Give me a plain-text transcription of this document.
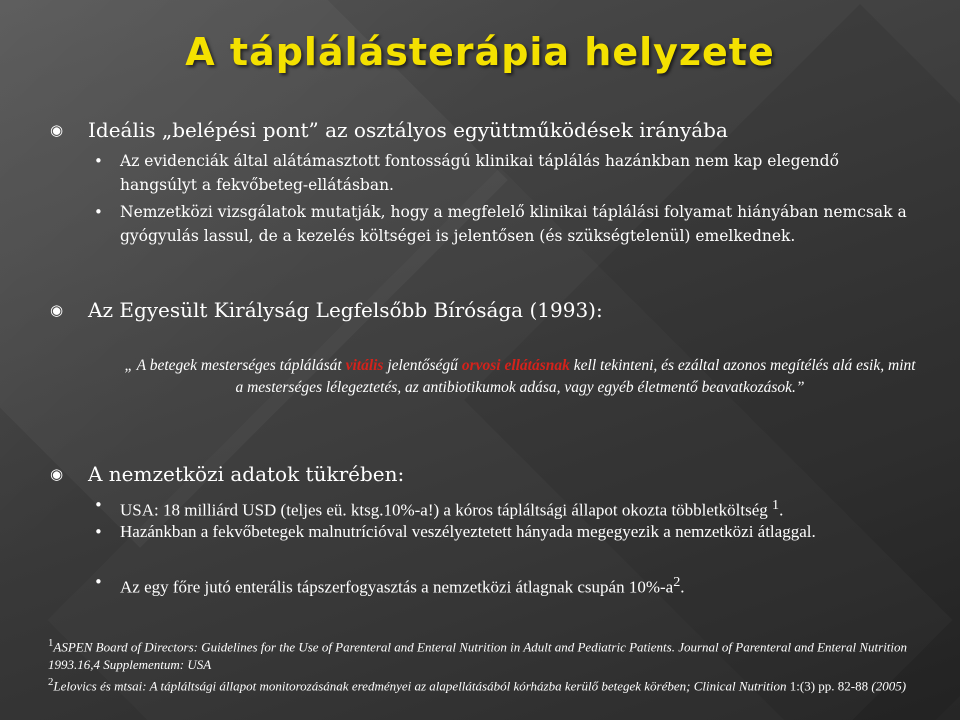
A táplálásterápia helyzete
◉ Ideális „belépési pont” az osztályos együttműködések irányába
• Az evidenciák által alátámasztott fontosságú klinikai táplálás hazánkban nem kap elegendő hangsúlyt a fekvőbeteg-ellátásban.
• Nemzetközi vizsgálatok mutatják, hogy a megfelelő klinikai táplálási folyamat hiányában nemcsak a gyógyulás lassul, de a kezelés költségei is jelentősen (és szükségtelenül) emelkednek.
◉ Az Egyesült Királyság Legfelsőbb Bírósága (1993):
„ A betegek mesterséges táplálását vitális jelentőségű orvosi ellátásnak kell tekinteni, és ezáltal azonos megítélés alá esik, mint a mesterséges lélegeztetés, az antibiotikumok adása, vagy egyéb életmentő beavatkozások.”
◉ A nemzetközi adatok tükrében:
• USA: 18 milliárd USD (teljes eü. ktsg.10%-a!) a kóros tápláltsági állapot okozta többletköltség $^1$.
• Hazánkban a fekvőbetegek malnutrícióval veszélyeztetett hányada megegyezik a nemzetközi átlaggal.
• Az egy főre jutó enterális tápszerfogyasztás a nemzetközi átlagnak csupán $10\%-a^2$.
$^1$ASPEN Board of Directors: Guidelines for the Use of Parenteral and Enteral Nutrition in Adult and Pediatric Patients. Journal of Parenteral and Enteral Nutrition 1993.16,4 Supplementum: USA
$^2$Lelovics és mtsai: A tápláltsági állapot monitorozásának eredményei az alapellátásából kórházba kerülő betegek körében; Clinical Nutrition 1:(3) pp. 82-88 (2005)
